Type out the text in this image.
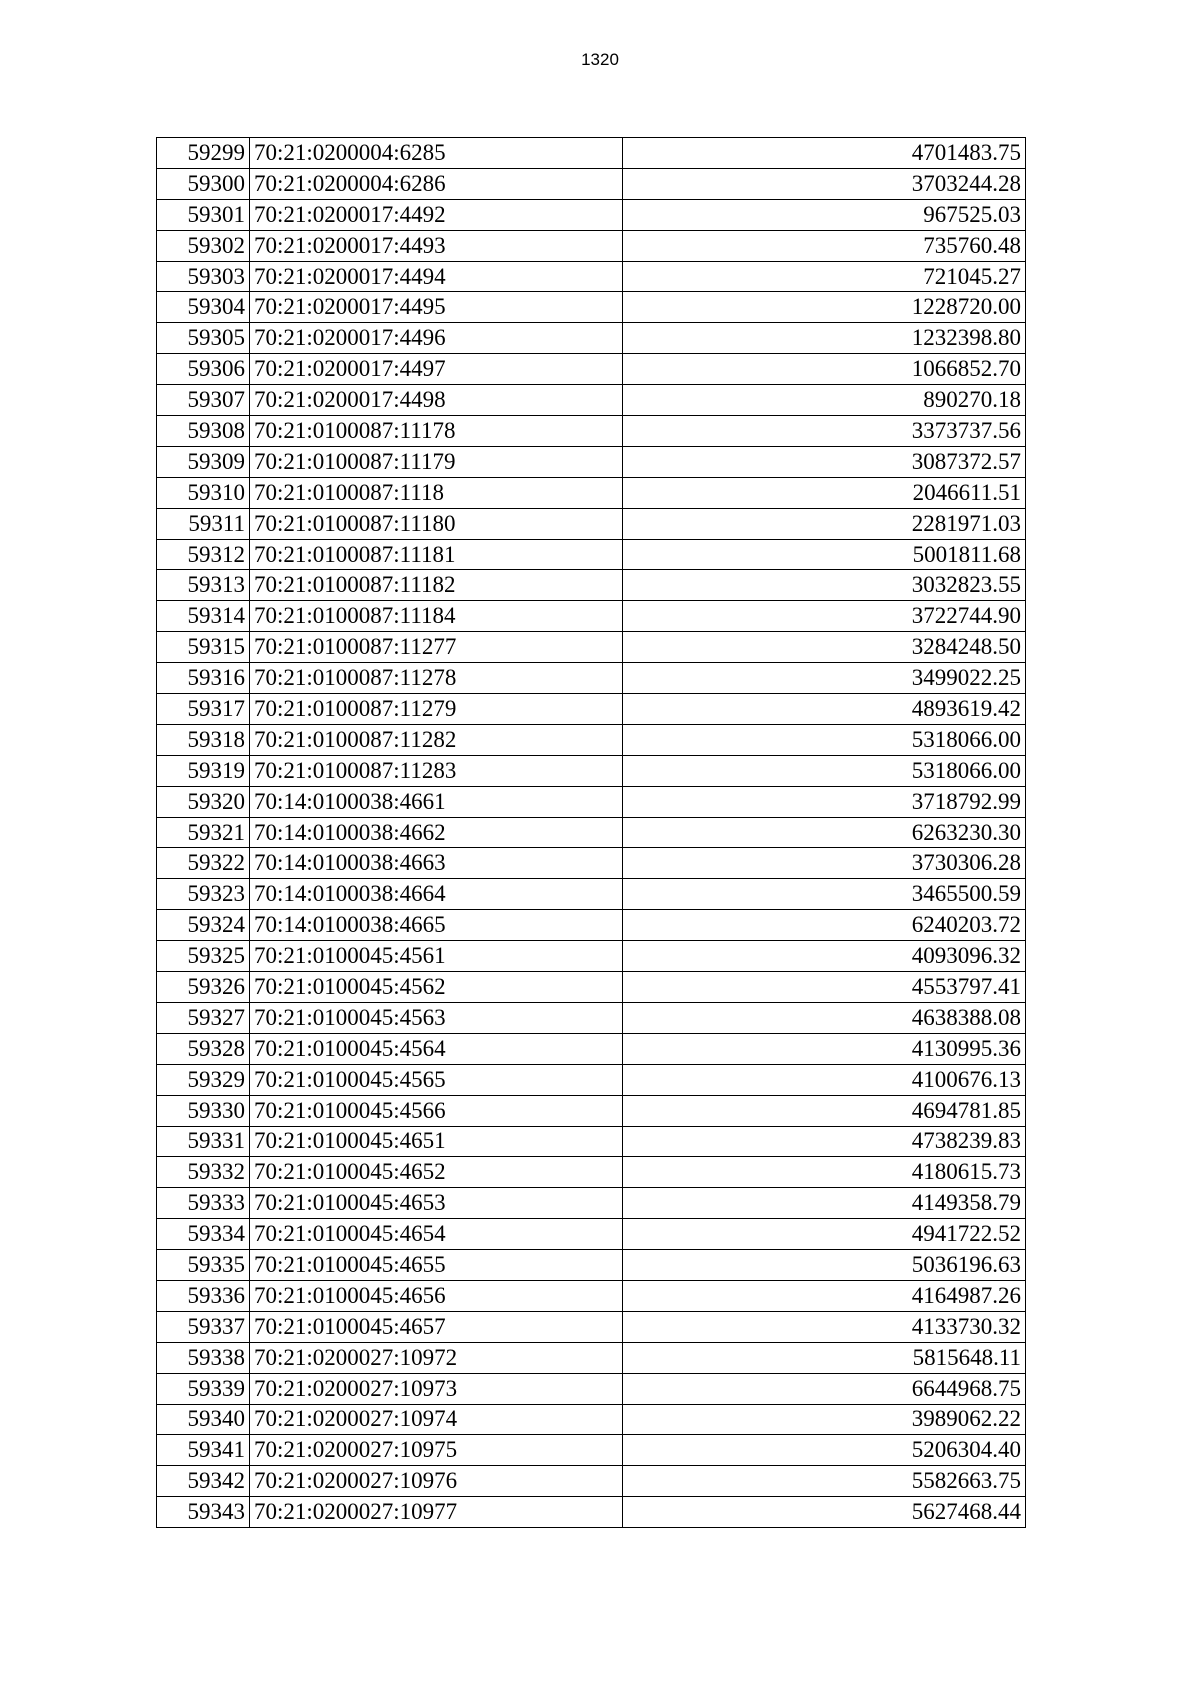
1320
59299	70:21:0200004:6285	4701483.75
59300	70:21:0200004:6286	3703244.28
59301	70:21:0200017:4492	967525.03
59302	70:21:0200017:4493	735760.48
59303	70:21:0200017:4494	721045.27
59304	70:21:0200017:4495	1228720.00
59305	70:21:0200017:4496	1232398.80
59306	70:21:0200017:4497	1066852.70
59307	70:21:0200017:4498	890270.18
59308	70:21:0100087:11178	3373737.56
59309	70:21:0100087:11179	3087372.57
59310	70:21:0100087:1118	2046611.51
59311	70:21:0100087:11180	2281971.03
59312	70:21:0100087:11181	5001811.68
59313	70:21:0100087:11182	3032823.55
59314	70:21:0100087:11184	3722744.90
59315	70:21:0100087:11277	3284248.50
59316	70:21:0100087:11278	3499022.25
59317	70:21:0100087:11279	4893619.42
59318	70:21:0100087:11282	5318066.00
59319	70:21:0100087:11283	5318066.00
59320	70:14:0100038:4661	3718792.99
59321	70:14:0100038:4662	6263230.30
59322	70:14:0100038:4663	3730306.28
59323	70:14:0100038:4664	3465500.59
59324	70:14:0100038:4665	6240203.72
59325	70:21:0100045:4561	4093096.32
59326	70:21:0100045:4562	4553797.41
59327	70:21:0100045:4563	4638388.08
59328	70:21:0100045:4564	4130995.36
59329	70:21:0100045:4565	4100676.13
59330	70:21:0100045:4566	4694781.85
59331	70:21:0100045:4651	4738239.83
59332	70:21:0100045:4652	4180615.73
59333	70:21:0100045:4653	4149358.79
59334	70:21:0100045:4654	4941722.52
59335	70:21:0100045:4655	5036196.63
59336	70:21:0100045:4656	4164987.26
59337	70:21:0100045:4657	4133730.32
59338	70:21:0200027:10972	5815648.11
59339	70:21:0200027:10973	6644968.75
59340	70:21:0200027:10974	3989062.22
59341	70:21:0200027:10975	5206304.40
59342	70:21:0200027:10976	5582663.75
59343	70:21:0200027:10977	5627468.44
